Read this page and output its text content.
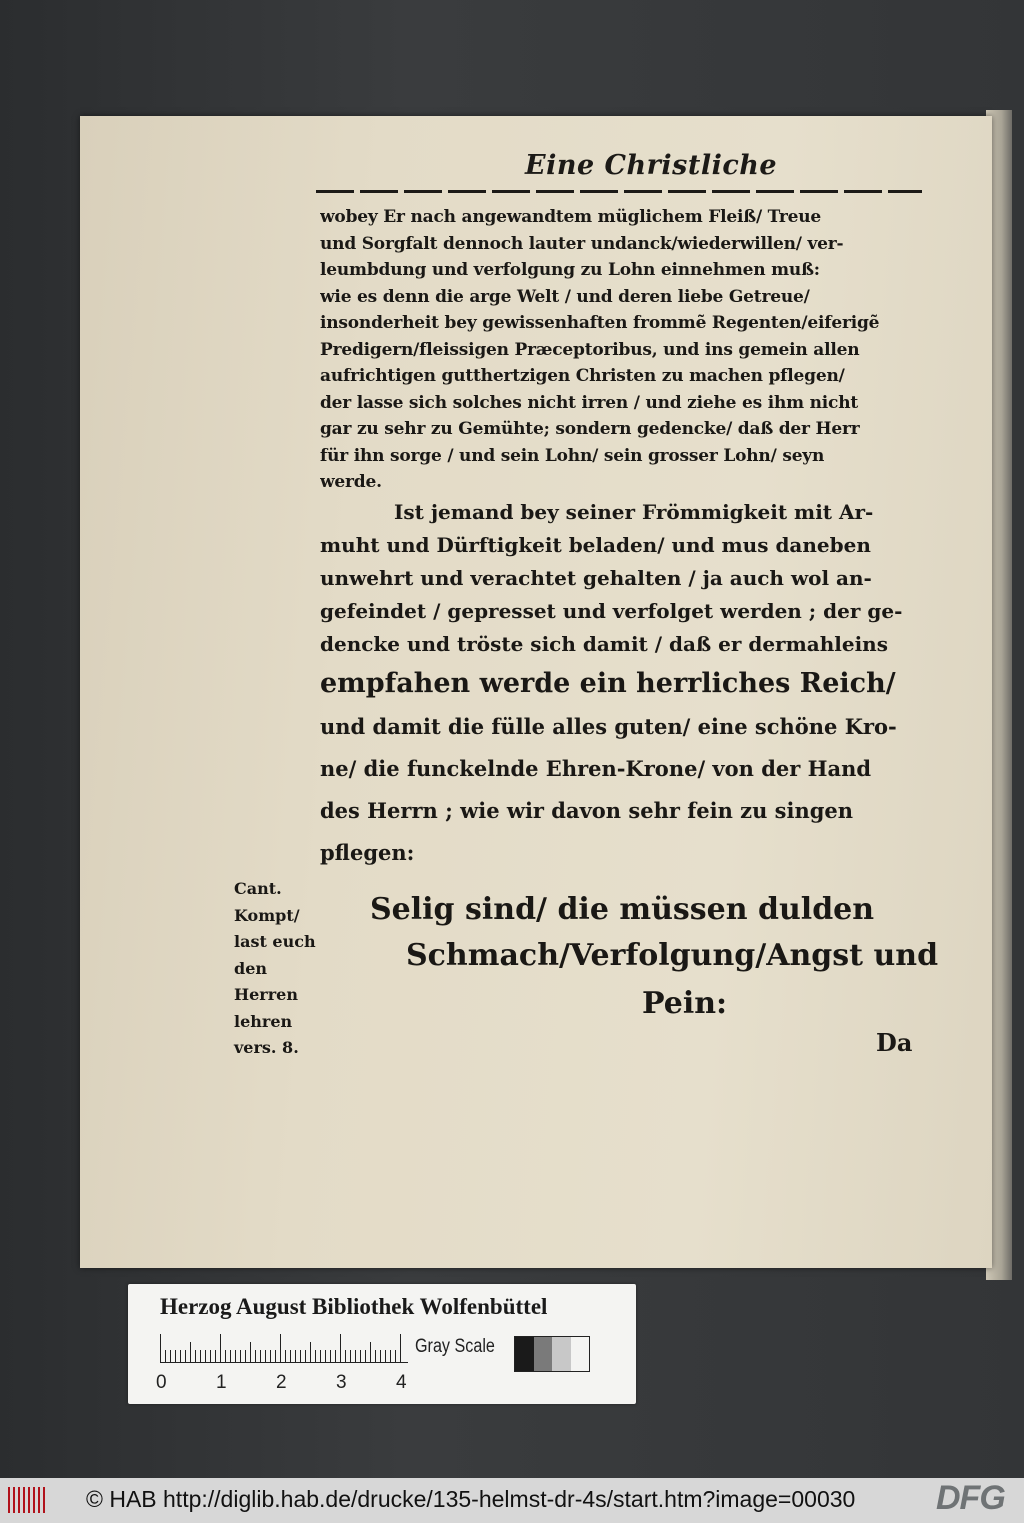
Eine Christliche
wobey Er nach angewandtem müglichem Fleiß/ Treue
und Sorgfalt dennoch lauter undanck/wiederwillen/ ver-
leumbdung und verfolgung zu Lohn einnehmen muß:
wie es denn die arge Welt / und deren liebe Getreue/
insonderheit bey gewissenhaften frommẽ Regenten/eiferigẽ
Predigern/fleissigen Præceptoribus, und ins gemein allen
aufrichtigen gutthertzigen Christen zu machen pflegen/
der lasse sich solches nicht irren / und ziehe es ihm nicht
gar zu sehr zu Gemühte; sondern gedencke/ daß der Herr
für ihn sorge / und sein Lohn/ sein grosser Lohn/ seyn
werde.
Ist jemand bey seiner Frömmigkeit mit Ar-
muht und Dürftigkeit beladen/ und mus daneben
unwehrt und verachtet gehalten / ja auch wol an-
gefeindet / gepresset und verfolget werden ; der ge-
dencke und tröste sich damit / daß er dermahleins
empfahen werde ein herrliches Reich/
und damit die fülle alles guten/ eine schöne Kro-
ne/ die funckelnde Ehren-Krone/ von der Hand
des Herrn ; wie wir davon sehr fein zu singen
pflegen:
Cant.
Kompt/
last euch
den
Herren
lehren
vers. 8.
Selig sind/ die müssen dulden
Schmach/Verfolgung/Angst und
Pein:
Da
Herzog August Bibliothek Wolfenbüttel
0	1	2	3	4
Gray Scale
© HAB http://diglib.hab.de/drucke/135-helmst-dr-4s/start.htm?image=00030 DFG
